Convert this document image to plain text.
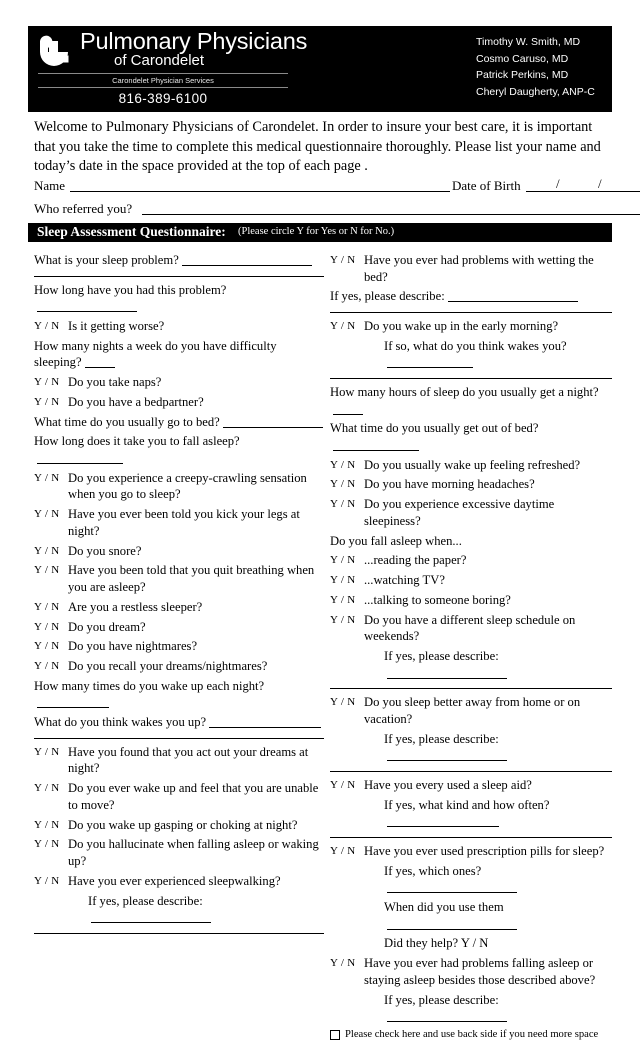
Pulmonary Physicians
of Carondelet
Carondelet Physician Services
816-389-6100
Timothy W. Smith, MD
Cosmo Caruso, MD
Patrick Perkins, MD
Cheryl Daugherty, ANP-C
Welcome to Pulmonary Physicians of Carondelet. In order to insure your best care, it is important that you take the time to complete this medical questionnaire thoroughly. Please list your name and today’s date in the space provided at the top of each page .
Name	Date of Birth	/	/
Who referred you?
Sleep Assessment Questionnaire: (Please circle Y for Yes or N for No.)
What is your sleep problem?
How long have you had this problem?
Y / N Is it getting worse?
How many nights a week do you have difficulty sleeping?
Y / N Do you take naps?
Y / N Do you have a bedpartner?
What time do you usually go to bed?
How long does it take you to fall asleep?
Y / N Do you experience a creepy-crawling sensation when you go to sleep?
Y / N Have you ever been told you kick your legs at night?
Y / N Do you snore?
Y / N Have you been told that you quit breathing when you are asleep?
Y / N Are you a restless sleeper?
Y / N Do you dream?
Y / N Do you have nightmares?
Y / N Do you recall your dreams/nightmares?
How many times do you wake up each night?
What do you think wakes you up?
Y / N Have you found that you act out your dreams at night?
Y / N Do you ever wake up and feel that you are unable to move?
Y / N Do you wake up gasping or choking at night?
Y / N Do you hallucinate when falling asleep or waking up?
Y / N Have you ever experienced sleepwalking?
If yes, please describe:
Y / N Have you ever had problems with wetting the bed?
If yes, please describe:
Y / N Do you wake up in the early morning?
If so, what do you think wakes you?
How many hours of sleep do you usually get a night?
What time do you usually get out of bed?
Y / N Do you usually wake up feeling refreshed?
Y / N Do you have morning headaches?
Y / N Do you experience excessive daytime sleepiness?
Do you fall asleep when...
Y / N ...reading the paper?
Y / N ...watching TV?
Y / N ...talking to someone boring?
Y / N Do you have a different sleep schedule on weekends?
If yes, please describe:
Y / N Do you sleep better away from home or on vacation?
If yes, please describe:
Y / N Have you every used a sleep aid?
If yes, what kind and how often?
Y / N Have you ever used prescription pills for sleep?
If yes, which ones?
When did you use them
Did they help? Y / N
Y / N Have you ever had problems falling asleep or staying asleep besides those described above?
If yes, please describe:
Please check here and use back side if you need more space
